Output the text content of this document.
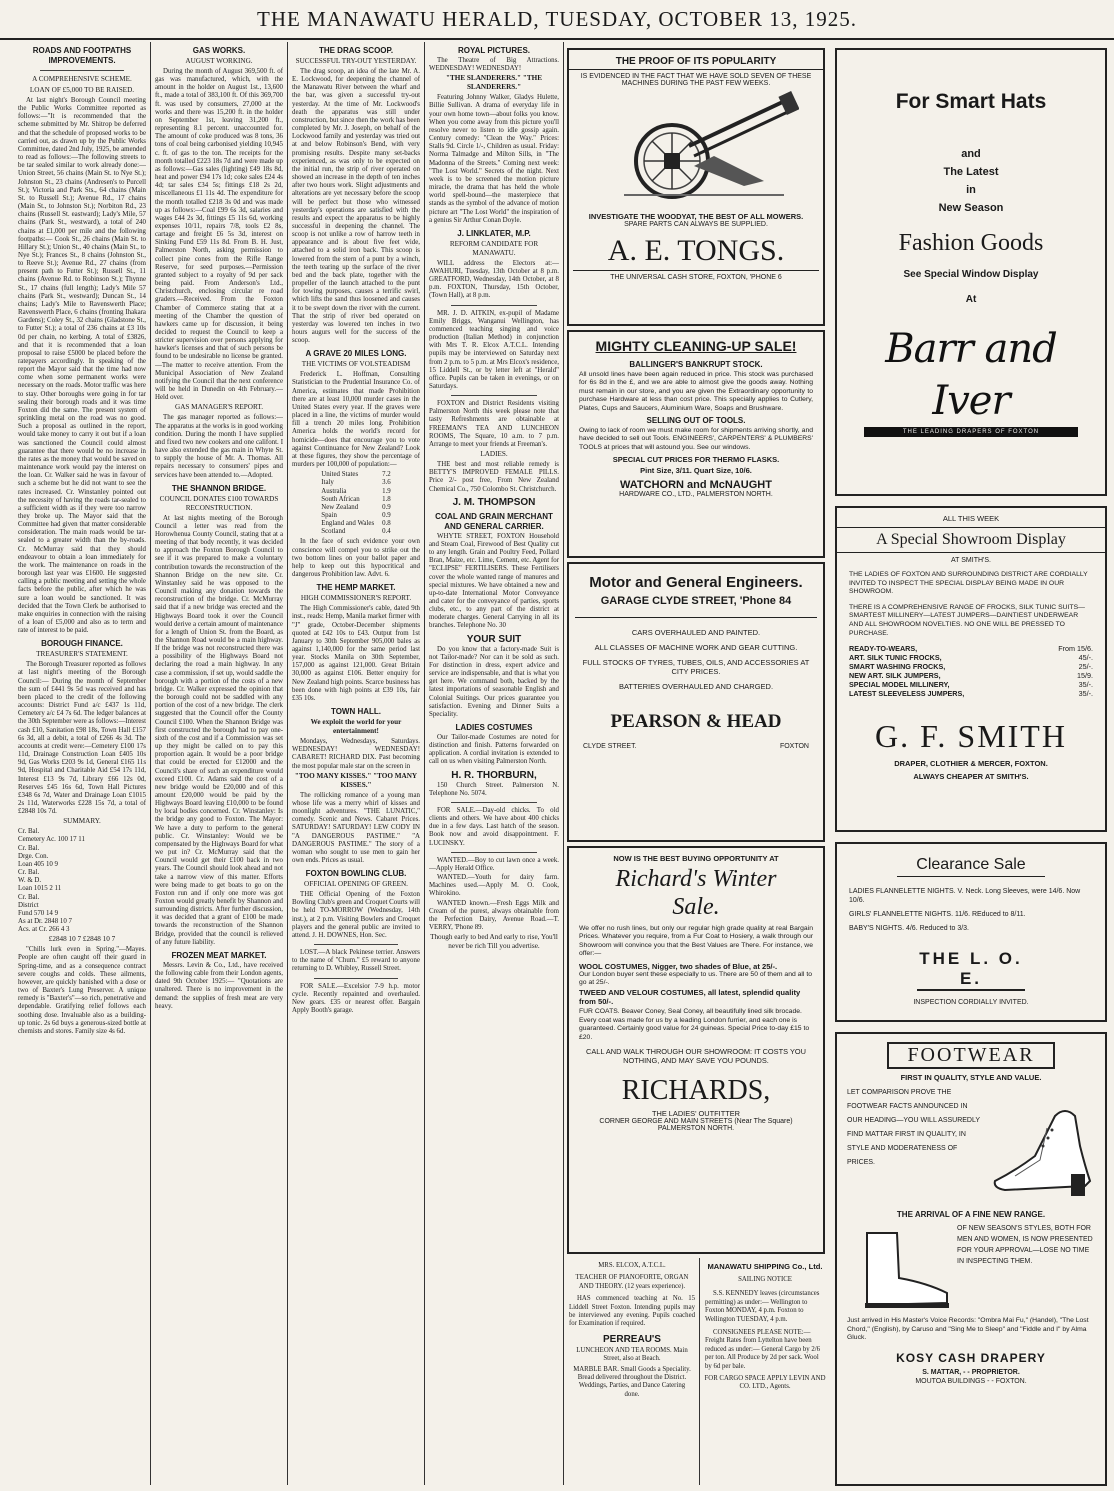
THE MANAWATU HERALD, TUESDAY, OCTOBER 13, 1925.
ROADS AND FOOTPATHS IMPROVEMENTS.
A COMPREHENSIVE SCHEME.
LOAN OF £5,000 TO BE RAISED.

At last night's Borough Council meeting the Public Works Committee reported as follows:—"It is recommended that the scheme submitted by Mr. Shitrop be deferred and that the schedule of proposed works to be carried out, as drawn up by the Public Works Committee, dated 2nd July, 1925, be amended to read as follows:—The following streets to be tar sealed similar to work already done:— Union Street, 56 chains (Main St. to Nye St.); Johnston St., 23 chains (Andresen's to Purcell St.); Victoria and Park Sts., 64 chains (Main St. to Russell St.); Avenue Rd., 17 chains (Main St., to Johnston St.); Norbiton Rd., 23 chains (Russell St. eastward); Lady's Mile, 57 chains (Park St., westward), a total of 240 chains at £1,000 per mile and the following footpaths:— Cook St., 26 chains (Main St. to Hillary St.); Union St., 40 chains (Main St., to Nye St.); Frances St., 8 chains (Johnston St., to Reeve St.); Avenue Rd., 27 chains (from present path to Futter St.); Russell St., 11 chains (Avenue Rd. to Robinson St.); Thynne St., 17 chains (full length); Lady's Mile 57 chains (Park St., westward); Duncan St., 14 chains; Lady's Mile to Ravenswerth Place; Ravenswerth Place, 6 chains (fronting Ihakara Gardens); Coley St., 32 chains (Gladstone St., to Futter St.); a total of 236 chains at £3 10s 0d per chain, no kerbing. A total of £3826, and that it is recommended that a loan proposal to raise £5000 be placed before the ratepayers accordingly. In speaking of the report the Mayor said that the time had now come when some permanent works were necessary on the roads. Motor traffic was here to stay. Other boroughs were going in for tar sealing their borough roads and it was time Foxton did the same. The present system of sprinkling metal on the road was no good. Such a proposal as outlined in the report, would take money to carry it out but if a loan was sanctioned the Council could almost guarantee that there would be no increase in the rates as the money that would be saved on maintenance work would pay the interest on the loan. Cr. Walker said he was in favour of such a scheme but he did not want to see the rates increased. Cr. Winstanley pointed out the necessity of having the roads tar-sealed to a sufficient width as if they were too narrow they broke up. The Mayor said that the Committee had given that matter considerable consideration. The main roads would be tar-sealed to a greater width than the by-roads. Cr. McMurray said that they should endeavour to obtain a loan immediately for the work. The maintenance on roads in the borough last year was £1600. He suggested calling a public meeting and setting the whole facts before the public, after which he was sure a loan would be sanctioned. It was decided that the Town Clerk be authorised to make enquiries in connection with the raising of a loan of £5,000 and also as to term and rate of interest to be paid.

BOROUGH FINANCE.
TREASURER'S STATEMENT.

The Borough Treasurer reported as follows at last night's meeting of the Borough Council:— During the month of September the sum of £441 9s 5d was received and has been placed to the credit of the following accounts: District Fund a/c £437 1s 11d, Cemetery a/c £4 7s 6d. The ledger balances at the 30th September were as follows:—Interest cash £10, Sanitation £98 18s, Town Hall £157 6s 3d, all a debit, a total of £266 4s 3d. The accounts at credit were:—Cemetery £100 17s 11d, Drainage Construction Loan £405 10s 9d, Gas Works £203 9s 1d, General £165 11s 9d, Hospital and Charitable Aid £54 17s 11d, Interest £13 9s 7d, Library £66 12s 0d, Reserves £45 16s 6d, Town Hall Pictures £348 6s 7d, Water and Drainage Loan £1015 2s 11d, Waterworks £228 15s 7d, a total of £2848 10s 7d.

SUMMARY.
Cr. Bal.
Cemetery Ac. 100 17 11
Cr. Bal.
Drge. Con.
Loan 405 10 9
Cr. Bal.
W. & D.
Loan 1015 2 11
Cr. Bal.
District
Fund 570 14 9
As at Dr. 2848 10 7
Acs. at Cr. 266 4 3
£2848 10 7 £2848 10 7

"Chills lurk even in Spring."—Mayes. People are often caught off their guard in Spring-time, and as a consequence contract severe coughs and colds. These ailments, however, are quickly banished with a dose or two of Baxter's Lung Preserver. A unique remedy is "Baxter's"—so rich, penetrative and dependable. Gratifying relief follows each soothing dose. Invaluable also as a building-up tonic. 2s 6d buys a generous-sized bottle at chemists and stores. Family size 4s 6d.

GAS WORKS.
AUGUST WORKING.

During the month of August 369,500 ft. of gas was manufactured, which, with the amount in the holder on August 1st., 13,600 ft., made a total of 383,100 ft. Of this 369,700 ft. was used by consumers, 27,000 at the works and there was 15,200 ft. in the holder on September 1st, leaving 31,200 ft., representing 8.1 percent. unaccounted for. The amount of coke produced was 8 tons, 36 tons of coal being carbonised yielding 10,945 c. ft. of gas to the ton. The receipts for the month totalled £223 18s 7d and were made up as follows:—Gas sales (lighting) £49 18s 8d, heat and power £94 17s 1d; coke sales £24 4s 4d; tar sales £34 5s; fittings £18 2s 2d, miscellaneous £1 11s 4d. The expenditure for the month totalled £218 3s 0d and was made up as follows:—Coal £99 6s 3d, salaries and wages £44 2s 3d, fittings £5 11s 6d, working expenses 10/11, repairs 7/8, tools £2 8s, cartage and freight £6 5s 3d, interest on Sinking Fund £59 11s 8d. From B. H. Just, Palmerston North, asking permission to collect pine cones from the Rifle Range Reserve, for seed purposes.—Permission granted subject to a royalty of 9d per sack being paid. From Anderson's Ltd., Christchurch, enclosing circular re road graders.—Received. From the Foxton Chamber of Commerce stating that at a meeting of the Chamber the question of hawkers came up for discussion, it being decided to request the Council to keep a stricter supervision over persons applying for hawker's licenses and that of such persons be found to be undesirable no license be granted.—The matter to receive attention. From the Municipal Association of New Zealand notifying the Council that the next conference will be held in Dunedin on 4th February.—Held over.

GAS MANAGER'S REPORT.

The gas manager reported as follows:— The apparatus at the works is in good working condition. During the month I have supplied and fixed two new cookers and one califont. I have also extended the gas main in Whyte St. to supply the house of Mr. A. Thomas. All repairs necessary to consumers' pipes and services have been attended to.—Adopted.

THE SHANNON BRIDGE.
COUNCIL DONATES £100 TOWARDS RECONSTRUCTION.

At last nights meeting of the Borough Council a letter was read from the Horowhenua County Council, stating that at a meeting of that body recently, it was decided to approach the Foxton Borough Council to see if it was prepared to make a voluntary contribution towards the reconstruction of the Shannon Bridge on the new site. Cr. Winstanley said he was opposed to the Council making any donation towards the reconstruction of the bridge. Cr. McMurray said that if a new bridge was erected and the Highways Board took it over the Council would derive a certain amount of maintenance for a length of Union St. from the Board, as the Shannon Road would be a main highway. If the bridge was not reconstructed there was a possibility of the Highways Board not declaring the road a main highway. In any case a commission, if set up, would saddle the borough with a portion of the costs of a new bridge. Cr. Walker expressed the opinion that the borough could not be saddled with any portion of the cost of a new bridge. The clerk suggested that the Council offer the County Council £100. When the Shannon Bridge was first constructed the borough had to pay one-sixth of the cost and if a Commission was set up they might be called on to pay this proportion again. It would be a poor bridge that could be erected for £12000 and the Council's share of such an expenditure would exceed £100. Cr. Adams said the cost of a new bridge would be £20,000 and of this amount £20,000 would be paid by the Highways Board leaving £10,000 to be found by local bodies concerned. Cr. Winstanley: Is the bridge any good to Foxton. The Mayor: We have a duty to perform to the general public. Cr. Winstanley: Would we be compensated by the Highways Board for what we put in? Cr. McMurray said that the Council would get their £100 back in two years. The Council should look ahead and not take a narrow view of this matter. Efforts were being made to get boats to go on the Foxton run and if only one more was got Foxton would greatly benefit by Shannon and surrounding districts. After further discussion, it was decided that a grant of £100 be made towards the reconstruction of the Shannon Bridge, provided that the council is relieved of any future liability.

FROZEN MEAT MARKET.

Messrs. Levin & Co., Ltd., have received the following cable from their London agents, dated 9th October 1925:— "Quotations are unaltered. There is no improvement in the demand: the supplies of fresh meat are very heavy.

THE DRAG SCOOP.
SUCCESSFUL TRY-OUT YESTERDAY.

The drag scoop, an idea of the late Mr. A. E. Lockwood, for deepening the channel of the Manawatu River between the wharf and the bar, was given a successful try-out yesterday. At the time of Mr. Lockwood's death the apparatus was still under construction, but since then the work has been completed by Mr. J. Joseph, on behalf of the Lockwood family and yesterday was tried out at and below Robinson's Bend, with very promising results. Despite many set-backs experienced, as was only to be expected on the initial run, the strip of river operated on showed an increase in the depth of ten inches after two hours work. Slight adjustments and alterations are yet necessary before the scoop will be perfect but those who witnessed yesterday's operations are satisfied with the results and expect the apparatus to be highly successful in deepening the channel. The scoop is not unlike a row of harrow teeth in appearance and is about five feet wide, attached to a solid iron back. This scoop is lowered from the stern of a punt by a winch, the teeth tearing up the surface of the river bed and the back plate, together with the propeller of the launch attached to the punt for towing purposes, causes a terrific swirl, which lifts the sand thus loosened and causes it to be swept down the river with the current. That the strip of river bed operated on yesterday was lowered ten inches in two hours augurs well for the success of the scoop.

A GRAVE 20 MILES LONG.
THE VICTIMS OF VOLSTEADISM

Frederick L. Hoffman, Consulting Statistician to the Prudential Insurance Co. of America, estimates that made Prohibition there are at least 10,000 murder cases in the United States every year. If the graves were placed in a line, the victims of murder would fill a trench 20 miles long. Prohibition America holds the world's record for homicide—does that encourage you to vote against Continuance for New Zealand? Look at these figures, they show the percentage of murders per 100,000 of population:—

United States	7.2
Italy	3.6
Australia	1.9
South African	1.8
New Zealand	0.9
Spain	0.9
England and Wales	0.8
Scotland	0.4

In the face of such evidence your own conscience will compel you to strike out the two bottom lines on your ballot paper and help to keep out this hypocritical and dangerous Prohibition law. Advt. 6.

THE HEMP MARKET.
HIGH COMMISSIONER'S REPORT.

The High Commissioner's cable, dated 9th inst., reads: Hemp, Manila market firmer with "J" grade, October-December shipments quoted at £42 10s to £43. Output from 1st January to 30th September 905,000 bales as against 1,140,000 for the same period last year. Stocks Manila on 30th September, 157,000 as against 121,000. Great Britain 30,000 as against £106. Better enquiry for New Zealand high points. Scarce business has been done with high points at £39 10s, fair £35 10s.

TOWN HALL.
We exploit the world for your entertainment!

Mondays, Wednesdays, Saturdays. WEDNESDAY! WEDNESDAY! CABARET! RICHARD DIX. Past becoming the most popular male star on the screen in

"TOO MANY KISSES." "TOO MANY KISSES."

The rollicking romance of a young man whose life was a merry whirl of kisses and moonlight adventures. "THE LUNATIC," comedy. Scenic and News. Cabaret Prices. SATURDAY! SATURDAY! LEW CODY IN "A DANGEROUS PASTIME." "A DANGEROUS PASTIME." The story of a woman who sought to use men to gain her own ends. Prices as usual.

FOXTON BOWLING CLUB.
OFFICIAL OPENING OF GREEN.

THE Official Opening of the Foxton Bowling Club's green and Croquet Courts will be held TO-MORROW (Wednesday, 14th inst.), at 2 p.m. Visiting Bowlers and Croquet players and the general public are invited to attend. J. H. DOWNES, Hon. Sec.

LOST.—A black Pekinese terrier. Answers to the name of "Chum." £5 reward to anyone returning to D. Whibley, Russell Street.

FOR SALE.—Excelsior 7-9 h.p. motor cycle. Recently repainted and overhauled. New gears. £35 or nearest offer. Bargain Apply Booth's garage.

ROYAL PICTURES.

The Theatre of Big Attractions. WEDNESDAY! WEDNESDAY!

"THE SLANDERERS." "THE SLANDERERS."

Featuring Johnny Walker, Gladys Hulette, Billie Sullivan. A drama of everyday life in your own home town—about folks you know. When you come away from this picture you'll resolve never to listen to idle gossip again. Century comedy: "Clean the Way." Prices: Stalls 9d. Circle 1/-, Children as usual. Friday: Norma Talmadge and Milton Sills, in "The Madonna of the Streets." Coming next week: "The Lost World." Secrets of the night. Next week is to be screened the motion picture miracle, the drama that has held the whole world spell-bound—the masterpiece that stands as the symbol of the advance of motion picture art "The Lost World" the inspiration of a genius Sir Arthur Conan Doyle.

J. LINKLATER, M.P.
REFORM CANDIDATE FOR MANAWATU.

WILL address the Electors at:— AWAHURI, Tuesday, 13th October at 8 p.m. GREATFORD, Wednesday, 14th October, at 8 p.m. FOXTON, Thursday, 15th October, (Town Hall), at 8 p.m.

MR. J. D. AITKIN, ex-pupil of Madame Emily Briggs, Wanganui Wellington, has commenced teaching singing and voice production (Italian Method) in conjunction with Mrs T. R. Elcox A.T.C.L. Intending pupils may be interviewed on Saturday next from 2 p.m. to 5 p.m. at Mrs Elcox's residence, 15 Liddell St., or by letter left at "Herald" office. Pupils can be taken in evenings, or on Saturdays.

FOXTON and District Residents visiting Palmerston North this week please note that tasty Refreshments are obtainable at FREEMAN'S TEA AND LUNCHEON ROOMS, The Square, 10 a.m. to 7 p.m. Arrange to meet your friends at Freeman's.

LADIES.

THE best and most reliable remedy is BETTY'S IMPROVED FEMALE PILLS. Price 2/- post free, From New Zealand Chemical Co., 750 Colombo St. Christchurch.

J. M. THOMPSON
COAL AND GRAIN MERCHANT AND GENERAL CARRIER.

WHYTE STREET, FOXTON Household and Steam Coal, Firewood of Best Quality cut to any length. Grain and Poultry Feed, Pollard Bran, Maize, etc. Lime, Cement, etc. Agent for "ECLIPSE" FERTILISERS. These Fertilisers cover the whole wanted range of manures and special mixtures. We have obtained a new and up-to-date International Motor Conveyance and cater for the conveyance of parties, sports clubs, etc., to any part of the district at moderate charges. General Carrying in all its branches. Telephone No. 30

YOUR SUIT

Do you know that a factory-made Suit is not Tailor-made? Nor can it be sold as such. For distinction in dress, expert advice and service are indispensable, and that is what you get here. We command both, backed by the latest importations of seasonable English and Colonial Suitings. Our prices guarantee you satisfaction. Evening and Dinner Suits a Speciality.

LADIES COSTUMES

Our Tailor-made Costumes are noted for distinction and finish. Patterns forwarded on application. A cordial invitation is extended to call on us when visiting Palmerston North.

H. R. THORBURN,

150 Church Street. Palmerston N. Telephone No. 5074.

FOR SALE.—Day-old chicks. To old clients and others. We have about 400 chicks due in a few days. Last hatch of the season. Book now and avoid disappointment. F. LUCINSKY.

WANTED.—Boy to cut lawn once a week.—Apply Herald Office.

WANTED.—Youth for dairy farm. Machines used.—Apply M. O. Cook, Whirokino.

WANTED known.—Fresh Eggs Milk and Cream of the purest, always obtainable from the Perfection Dairy, Avenue Road.—T. VERRY, 'Phone 89.

Though early to bed And early to rise, You'll never be rich Till you advertise.
THE PROOF OF ITS POPULARITY
IS EVIDENCED IN THE FACT THAT WE HAVE SOLD SEVEN OF THESE MACHINES DURING THE PAST FEW WEEKS.
INVESTIGATE THE WOODYAT, THE BEST OF ALL MOWERS.
SPARE PARTS CAN ALWAYS BE SUPPLIED.
A. E. TONGS.
THE UNIVERSAL CASH STORE, FOXTON, 'PHONE 6
MIGHTY CLEANING-UP SALE!
BALLINGER'S BANKRUPT STOCK.

All unsold lines have been again reduced in price. This stock was purchased for 6s 8d in the £, and we are able to almost give the goods away. Nothing must remain in our store, and you are given the Extraordinary opportunity to purchase Hardware at less than cost price. This specially applies to Cutlery, Plates, Cups and Saucers, Aluminium Ware, Soaps and Brushware.

SELLING OUT OF TOOLS.

Owing to lack of room we must make room for shipments arriving shortly, and have decided to sell out Tools. ENGINEERS', CARPENTERS' & PLUMBERS' TOOLS at prices that will astound you. See our windows.

SPECIAL CUT PRICES FOR THERMO FLASKS.
Pint Size, 3/11. Quart Size, 10/6.
WATCHORN and McNAUGHT
HARDWARE CO., LTD., PALMERSTON NORTH.
Motor and General Engineers.
GARAGE CLYDE STREET, 'Phone 84
CARS OVERHAULED AND PAINTED.
ALL CLASSES OF MACHINE WORK AND GEAR CUTTING.
FULL STOCKS OF TYRES, TUBES, OILS, AND ACCESSORIES AT CITY PRICES.
BATTERIES OVERHAULED AND CHARGED.
PEARSON & HEAD
CLYDE STREET.	FOXTON
NOW IS THE BEST BUYING OPPORTUNITY AT
Richard's Winter Sale.

We offer no rush lines, but only our regular high grade quality at real Bargain Prices. Whatever you require, from a Fur Coat to Hosiery, a walk through our Showroom will convince you that the Best Values are There. For instance, we offer:—

WOOL COSTUMES, Nigger, two shades of Blue, at 25/-.

Our London buyer sent these especially to us. There are 50 of them and all to go at 25/-.

TWEED AND VELOUR COSTUMES, all latest, splendid quality from 50/-.

FUR COATS. Beaver Coney, Seal Coney, all beautifully lined silk brocade. Every coat was made for us by a leading London furrier, and each one is guaranteed. Certainly good value for 24 guineas. Special Price to-day £15 to £20.

CALL AND WALK THROUGH OUR SHOWROOM: IT COSTS YOU NOTHING, AND MAY SAVE YOU POUNDS.
RICHARDS,
THE LADIES' OUTFITTER
CORNER GEORGE AND MAIN STREETS (Near The Square) PALMERSTON NORTH.
MRS. ELCOX, A.T.C.L.
TEACHER OF PIANOFORTE, ORGAN AND THEORY. (12 years experience).

HAS commenced teaching at No. 15 Liddell Street Foxton. Intending pupils may be interviewed any evening. Pupils coached for Examination if required.

PERREAU'S
LUNCHEON AND TEA ROOMS. Main Street, also at Beach.
MARBLE BAR. Small Goods a Speciality. Bread delivered throughout the District. Weddings, Parties, and Dance Catering done.
MANAWATU SHIPPING Co., Ltd.
SAILING NOTICE

S.S. KENNEDY leaves (circumstances permitting) as under:— Wellington to Foxton MONDAY, 4 p.m. Foxton to Wellington TUESDAY, 4 p.m.

CONSIGNEES PLEASE NOTE:— Freight Rates from Lyttelton have been reduced as under:— General Cargo by 2/6 per ton. All Produce by 2d per sack. Wool by 6d per bale.

FOR CARGO SPACE APPLY LEVIN AND CO. LTD., Agents.
For Smart Hats
and
The Latest
in
New Season
Fashion Goods
See Special Window Display
At
Barr and Iver
THE LEADING DRAPERS OF FOXTON
ALL THIS WEEK
A Special Showroom Display
AT SMITH'S.

THE LADIES OF FOXTON AND SURROUNDING DISTRICT ARE CORDIALLY INVITED TO INSPECT THE SPECIAL DISPLAY BEING MADE IN OUR SHOWROOM.

THERE IS A COMPREHENSIVE RANGE OF FROCKS, SILK TUNIC SUITS—SMARTEST MILLINERY—LATEST JUMPERS—DAINTIEST UNDERWEAR AND ALL SHOWROOM NOVELTIES. NO ONE WILL BE PRESSED TO PURCHASE.

READY-TO-WEARS,	From 15/6.
ART. SILK TUNIC FROCKS,	45/-.
SMART WASHING FROCKS,	25/-.
NEW ART. SILK JUMPERS,	15/9.
SPECIAL MODEL MILLINERY,	35/-.
LATEST SLEEVELESS JUMPERS,	35/-.
G. F. SMITH
DRAPER, CLOTHIER & MERCER, FOXTON.
ALWAYS CHEAPER AT SMITH'S.
Clearance Sale

LADIES FLANNELETTE NIGHTS. V. Neck. Long Sleeves, were 14/6. Now 10/6.

GIRLS' FLANNELETTE NIGHTS. 11/6. REduced to 8/11.

BABY'S NIGHTS. 4/6. Reduced to 3/3.

THE L. O. E.
INSPECTION CORDIALLY INVITED.
FOOTWEAR
FIRST IN QUALITY, STYLE AND VALUE.

LET COMPARISON PROVE THE FOOTWEAR FACTS ANNOUNCED IN OUR HEADING—YOU WILL ASSUREDLY FIND MATTAR FIRST IN QUALITY, IN STYLE AND MODERATENESS OF PRICES.

THE ARRIVAL OF A FINE NEW RANGE.

OF NEW SEASON'S STYLES, BOTH FOR MEN AND WOMEN, IS NOW PRESENTED FOR YOUR APPROVAL—LOSE NO TIME IN INSPECTING THEM.

Just arrived in His Master's Voice Records: "Ombra Mai Fu," (Handel), "The Lost Chord," (English), by Caruso and "Sing Me to Sleep" and "Fiddle and I" by Alma Gluck.

KOSY CASH DRAPERY
S. MATTAR, - - PROPRIETOR.
MOUTOA BUILDINGS - - FOXTON.
